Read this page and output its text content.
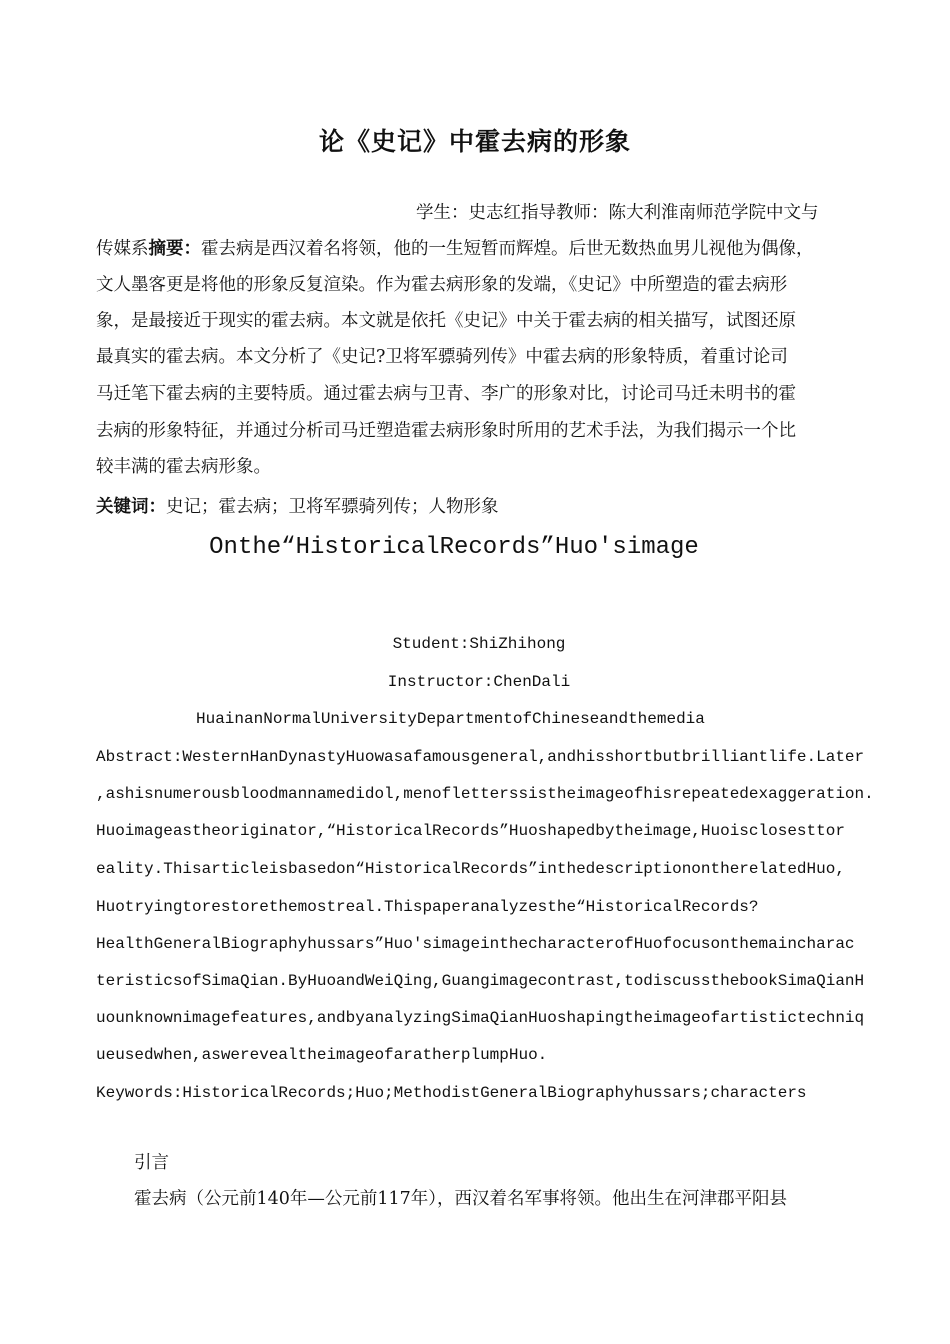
论《史记》中霍去病的形象
学生：史志红指导教师：陈大利淮南师范学院中文与
传媒系摘要：霍去病是西汉着名将领，他的一生短暂而辉煌。后世无数热血男儿视他为偶像，
文人墨客更是将他的形象反复渲染。作为霍去病形象的发端，《史记》中所塑造的霍去病形
象，是最接近于现实的霍去病。本文就是依托《史记》中关于霍去病的相关描写，试图还原
最真实的霍去病。本文分析了《史记?卫将军骠骑列传》中霍去病的形象特质，着重讨论司
马迁笔下霍去病的主要特质。通过霍去病与卫青、李广的形象对比，讨论司马迁未明书的霍
去病的形象特征，并通过分析司马迁塑造霍去病形象时所用的艺术手法，为我们揭示一个比
较丰满的霍去病形象。
关键词：史记；霍去病；卫将军骠骑列传；人物形象
Onthe“HistoricalRecords”Huo'simage
Student:ShiZhihong
Instructor:ChenDali
HuainanNormalUniversityDepartmentofChineseandthemedia
Abstract:WesternHanDynastyHuowasafamousgeneral,andhisshortbutbrilliantlife.Later
,ashisnumerousbloodmannamedidol,menofletterssistheimageofhisrepeatedexaggeration.
Huoimageastheoriginator,“HistoricalRecords”Huoshapedbytheimage,Huoisclosesttor
eality.Thisarticleisbasedon“HistoricalRecords”inthedescriptionontherelatedHuo,
Huotryingtorestorethemostreal.Thispaperanalyzesthe“HistoricalRecords?
HealthGeneralBiographyhussars”Huo'simageinthecharacterofHuofocusonthemaincharac
teristicsofSimaQian.ByHuoandWeiQing,Guangimagecontrast,todiscussthebookSimaQianH
uounknownimagefeatures,andbyanalyzingSimaQianHuoshapingtheimageofartistictechniq
ueusedwhen,aswerevealtheimageofaratherplumpHuo.
Keywords:HistoricalRecords;Huo;MethodistGeneralBiographyhussars;characters
引言
霍去病（公元前140年—公元前117年），西汉着名军事将领。他出生在河津郡平阳县
